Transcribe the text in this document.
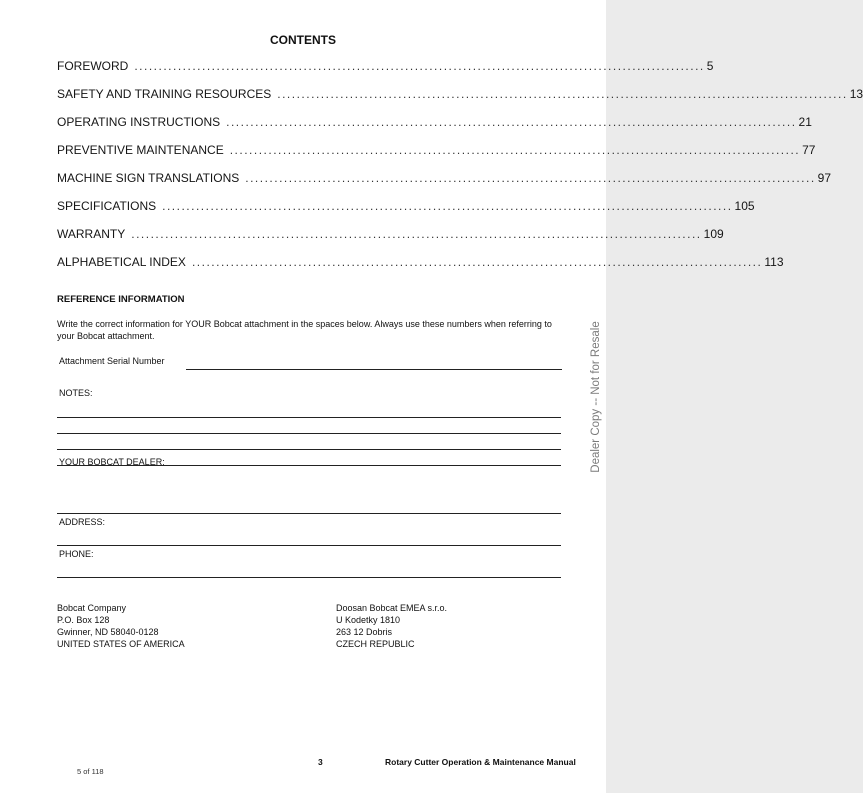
CONTENTS
FOREWORD ...................................................................................................................... 5
SAFETY AND TRAINING RESOURCES ...................................................................................................................... 13
OPERATING INSTRUCTIONS ...................................................................................................................... 21
PREVENTIVE MAINTENANCE ...................................................................................................................... 77
MACHINE SIGN TRANSLATIONS ...................................................................................................................... 97
SPECIFICATIONS ...................................................................................................................... 105
WARRANTY ...................................................................................................................... 109
ALPHABETICAL INDEX ...................................................................................................................... 113
REFERENCE INFORMATION
Write the correct information for YOUR Bobcat attachment in the spaces below. Always use these numbers when referring to your Bobcat attachment.
Attachment Serial Number
NOTES:
YOUR BOBCAT DEALER:
ADDRESS:
PHONE:
Bobcat Company
P.O. Box 128
Gwinner, ND 58040-0128
UNITED STATES OF AMERICA
Doosan Bobcat EMEA s.r.o.
U Kodetky 1810
263 12 Dobris
CZECH REPUBLIC
3	Rotary Cutter Operation & Maintenance Manual
5 of 118
Dealer Copy -- Not for Resale
